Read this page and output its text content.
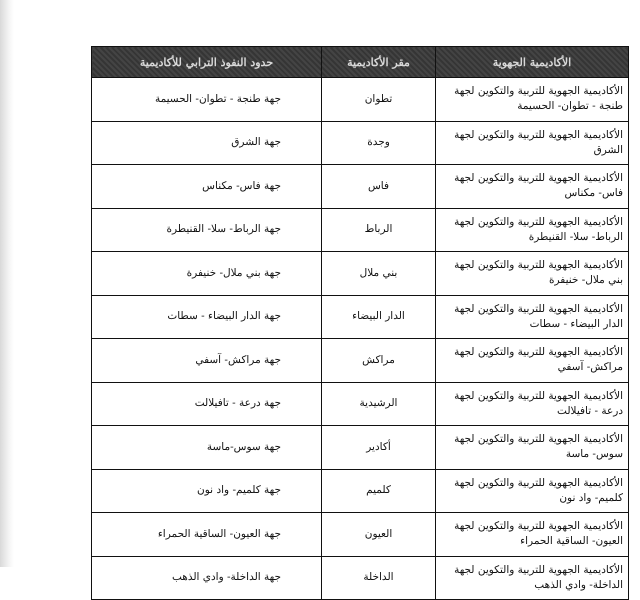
الأكاديمية الجهوية	مقر الأكاديمية	حدود النفوذ الترابي للأكاديمية
الأكاديمية الجهوية للتربية والتكوين لجهة طنجة - تطوان- الحسيمة	تطوان	جهة طنجة - تطوان- الحسيمة
الأكاديمية الجهوية للتربية والتكوين لجهة الشرق	وجدة	جهة الشرق
الأكاديمية الجهوية للتربية والتكوين لجهة فاس- مكناس	فاس	جهة فاس- مكناس
الأكاديمية الجهوية للتربية والتكوين لجهة الرباط- سلا- القنيطرة	الرباط	جهة الرباط- سلا- القنيطرة
الأكاديمية الجهوية للتربية والتكوين لجهة بني ملال- خنيفرة	بني ملال	جهة بني ملال- خنيفرة
الأكاديمية الجهوية للتربية والتكوين لجهة الدار البيضاء - سطات	الدار البيضاء	جهة الدار البيضاء - سطات
الأكاديمية الجهوية للتربية والتكوين لجهة مراكش- آسفي	مراكش	جهة مراكش- آسفي
الأكاديمية الجهوية للتربية والتكوين لجهة درعة - تافيلالت	الرشيدية	جهة درعة - تافيلالت
الأكاديمية الجهوية للتربية والتكوين لجهة سوس- ماسة	أكادير	جهة سوس-ماسة
الأكاديمية الجهوية للتربية والتكوين لجهة كلميم- واد نون	كلميم	جهة كلميم- واد نون
الأكاديمية الجهوية للتربية والتكوين لجهة العيون- الساقية الحمراء	العيون	جهة العيون- الساقية الحمراء
الأكاديمية الجهوية للتربية والتكوين لجهة الداخلة- وادي الذهب	الداخلة	جهة الداخلة- وادي الذهب
